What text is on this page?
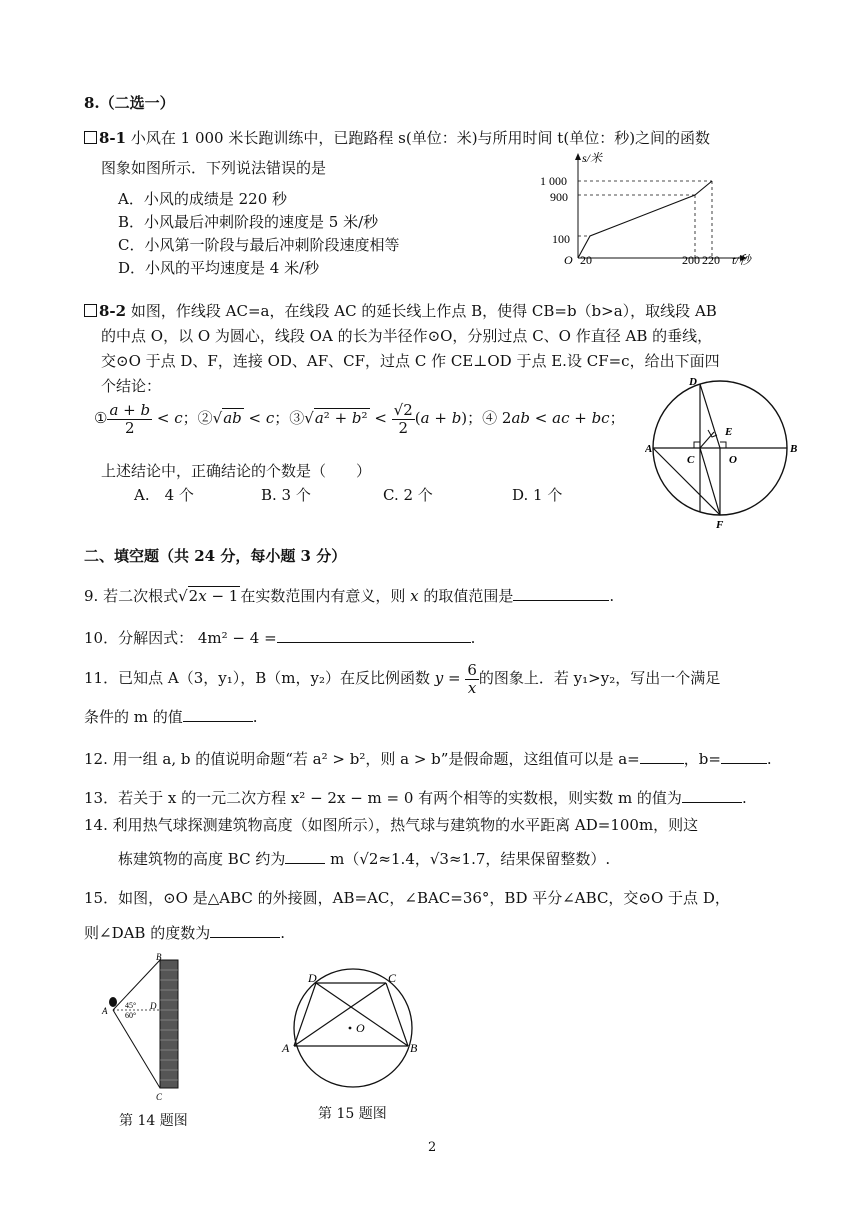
8.（二选一）
8-1 小风在 1 000 米长跑训练中，已跑路程 s(单位：米)与所用时间 t(单位：秒)之间的函数
图象如图所示．下列说法错误的是
A．小风的成绩是 220 秒
B．小风最后冲刺阶段的速度是 5 米/秒
C．小风第一阶段与最后冲刺阶段速度相等
D．小风的平均速度是 4 米/秒
s/米
t/秒
O
1 000
900
100
20	200 220
8-2 如图，作线段 AC=a，在线段 AC 的延长线上作点 B，使得 CB=b（b>a），取线段 AB
的中点 O，以 O 为圆心，线段 OA 的长为半径作⊙O，分别过点 C、O 作直径 AB 的垂线，
交⊙O 于点 D、F，连接 OD、AF、CF，过点 C 作 CE⊥OD 于点 E.设 CF=c，给出下面四
个结论：
① $\frac{a + b}{2} < c$；②√ab < c；③√a² + $b^2 < \frac{√2}{2} (a + b)$；④ 2ab < ac + bc；
上述结论中，正确结论的个数是（　　）
A.　4 个	B. 3 个	C. 2 个	D. 1 个
D
E
A
C	O
B
F
二、填空题（共 24 分，每小题 3 分）
9. 若二次根式√2x − 1 在实数范围内有意义，则 x 的取值范围是	.
10．分解因式： 4m² − 4 =	.
11．已知点 A（3，y₁），B（m，y₂）在反比例函数 $y = \frac{6}{x}$ 的图象上．若 y₁>y₂，写出一个满足
条件的 m 的值	.
12. 用一组 a, b 的值说明命题“若 a² > b²，则 a > b”是假命题，这组值可以是 a=	，b=	.
13．若关于 x 的一元二次方程 x² − 2x − m = 0 有两个相等的实数根，则实数 m 的值为	.
14. 利用热气球探测建筑物高度（如图所示），热气球与建筑物的水平距离 AD=100m，则这
栋建筑物的高度 BC 约为	m（√2≈1.4，√3≈1.7，结果保留整数）.
15．如图，⊙O 是△ABC 的外接圆，AB=AC，∠BAC=36°，BD 平分∠ABC，交⊙O 于点 D，
则∠DAB 的度数为	.
B
A	D
C
45°
60°
第 14 题图
D	C
A	B
O
第 15 题图
2
